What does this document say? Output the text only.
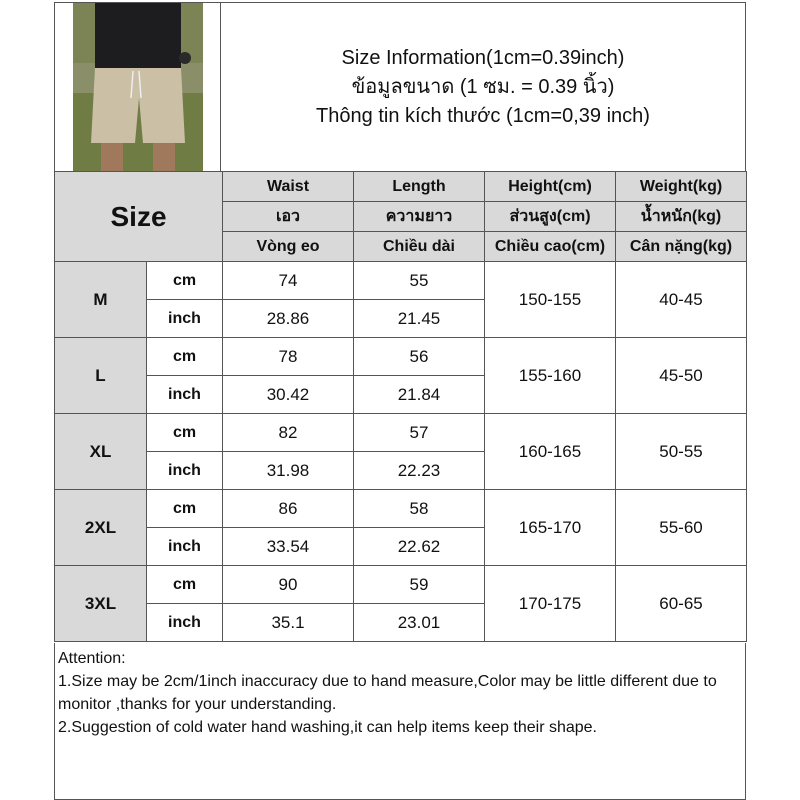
Size Information(1cm=0.39inch)
ข้อมูลขนาด (1 ซม. = 0.39 นิ้ว)
Thông tin kích thước (1cm=0,39 inch)
Size		Waist	Length	Height(cm)	Weight(kg)
		เอว	ความยาว	ส่วนสูง(cm)	น้ำหนัก(kg)
		Vòng eo	Chiều dài	Chiều cao(cm)	Cân nặng(kg)
M	cm	74	55	150-155	40-45
	inch	28.86	21.45		
L	cm	78	56	155-160	45-50
	inch	30.42	21.84		
XL	cm	82	57	160-165	50-55
	inch	31.98	22.23		
2XL	cm	86	58	165-170	55-60
	inch	33.54	22.62		
3XL	cm	90	59	170-175	60-65
	inch	35.1	23.01		
Attention:
1.Size may be 2cm/1inch inaccuracy due to hand measure,Color may be little different due to monitor ,thanks for your understanding.
2.Suggestion of cold water hand washing,it can help items keep their shape.
